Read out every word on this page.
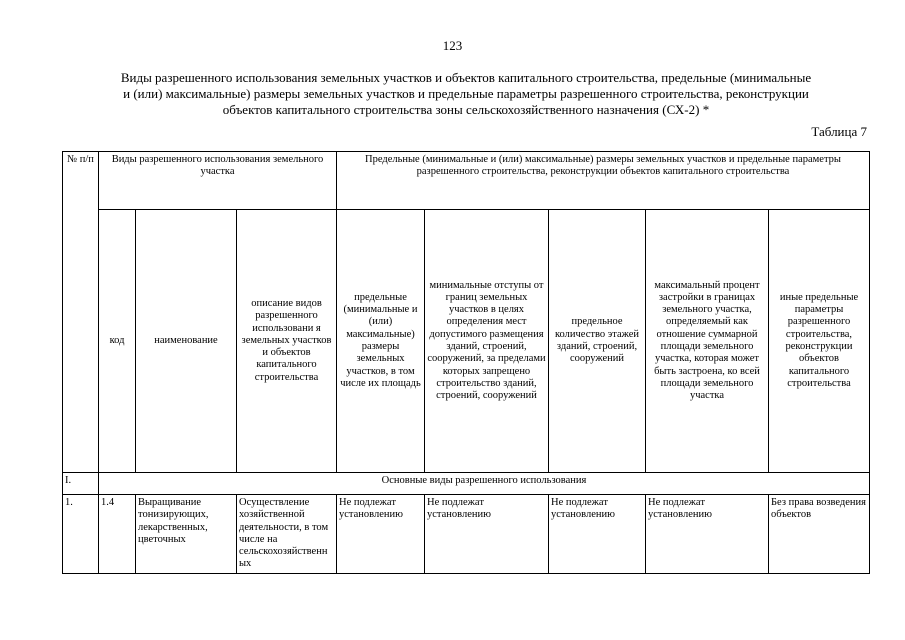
123
Виды разрешенного использования земельных участков и объектов капитального строительства, предельные (минимальные
и (или) максимальные) размеры земельных участков и предельные параметры разрешенного строительства, реконструкции
объектов капитального строительства зоны сельскохозяйственного назначения (СХ-2) *
Таблица 7
№ п/п	Виды разрешенного использования земельного участка			Предельные (минимальные и (или) максимальные) размеры земельных участков и предельные параметры разрешенного строительства, реконструкции объектов капитального строительства				
	код	наименование	описание видов разрешенного использовани я земельных участков и объектов капитального строительства	предельные (минимальные и (или) максимальные) размеры земельных участков, в том числе их площадь	минимальные отступы от границ земельных участков в целях определения мест допустимого размещения зданий, строений, сооружений, за пределами которых запрещено строительство зданий, строений, сооружений	предельное количество этажей зданий, строений, сооружений	максимальный процент застройки в границах земельного участка, определяемый как отношение суммарной площади земельного участка, которая может быть застроена, ко всей площади земельного участка	иные предельные параметры разрешенного строительства, реконструкции объектов капитального строительства
I.	Основные виды разрешенного использования							
1.	1.4	Выращивание тонизирующих, лекарственных, цветочных	Осуществление хозяйственной деятельности, в том числе на сельскохозяйственных	Не подлежат установлению	Не подлежат установлению	Не подлежат установлению	Не подлежат установлению	Без права возведения объектов
